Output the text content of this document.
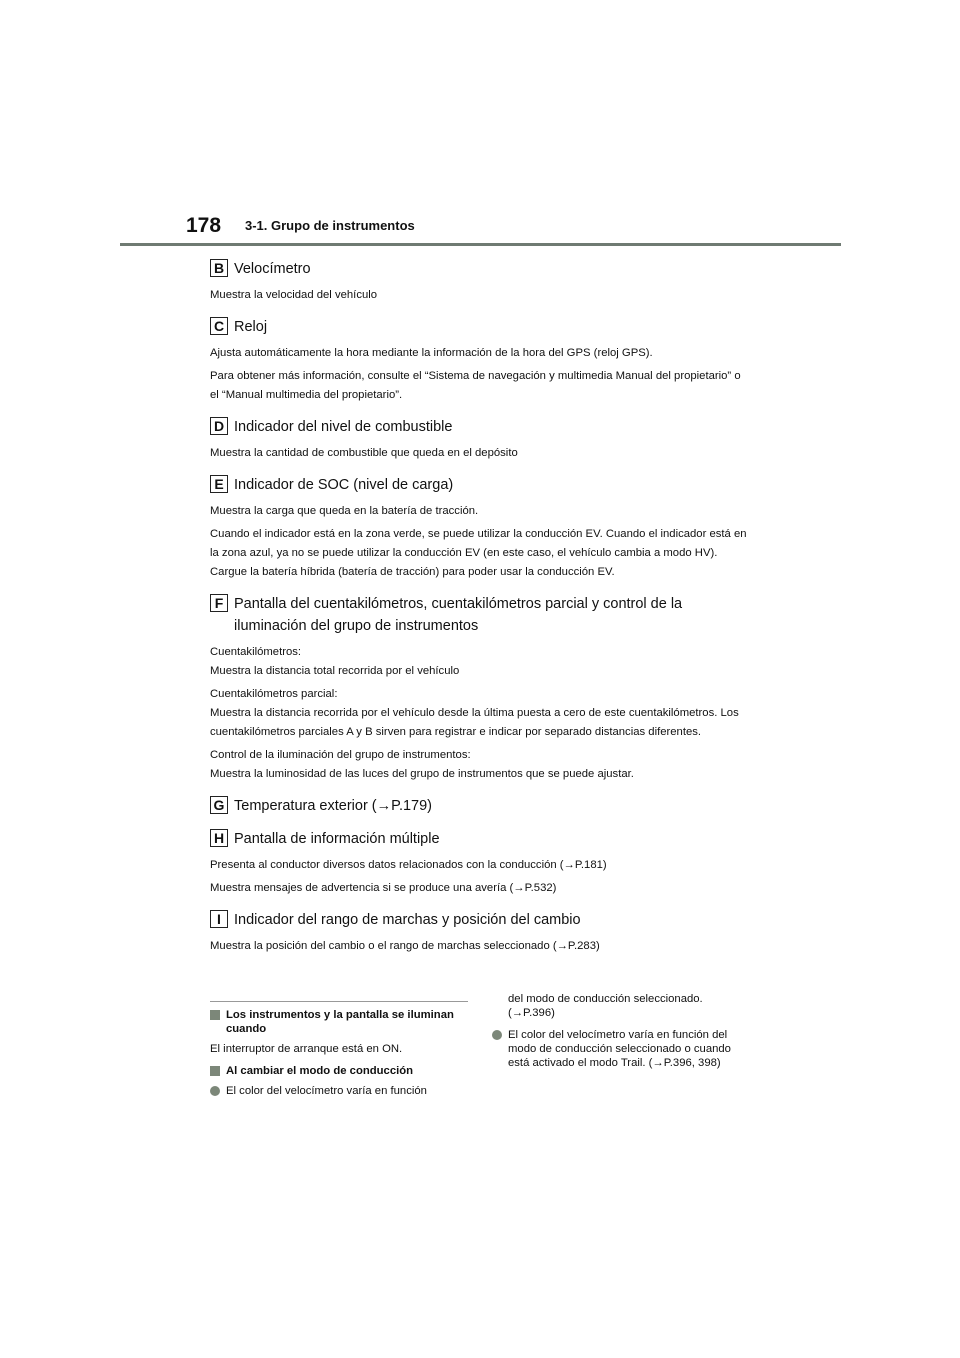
178 3-1. Grupo de instrumentos
B Velocímetro

Muestra la velocidad del vehículo

C Reloj

Ajusta automáticamente la hora mediante la información de la hora del GPS (reloj GPS).

Para obtener más información, consulte el “Sistema de navegación y multimedia Manual del propietario” o el “Manual multimedia del propietario”.

D Indicador del nivel de combustible

Muestra la cantidad de combustible que queda en el depósito

E Indicador de SOC (nivel de carga)

Muestra la carga que queda en la batería de tracción.

Cuando el indicador está en la zona verde, se puede utilizar la conducción EV. Cuando el indicador está en la zona azul, ya no se puede utilizar la conducción EV (en este caso, el vehículo cambia a modo HV). Cargue la batería híbrida (batería de tracción) para poder usar la conducción EV.

F Pantalla del cuentakilómetros, cuentakilómetros parcial y control de la iluminación del grupo de instrumentos

Cuentakilómetros:

Muestra la distancia total recorrida por el vehículo

Cuentakilómetros parcial:

Muestra la distancia recorrida por el vehículo desde la última puesta a cero de este cuentakilómetros. Los cuentakilómetros parciales A y B sirven para registrar e indicar por separado distancias diferentes.

Control de la iluminación del grupo de instrumentos:

Muestra la luminosidad de las luces del grupo de instrumentos que se puede ajustar.

G Temperatura exterior (→P.179)
H Pantalla de información múltiple

Presenta al conductor diversos datos relacionados con la conducción (→P.181)

Muestra mensajes de advertencia si se produce una avería (→P.532)

I Indicador del rango de marchas y posición del cambio

Muestra la posición del cambio o el rango de marchas seleccionado (→P.283)

Los instrumentos y la pantalla se iluminan cuando
El interruptor de arranque está en ON.
Al cambiar el modo de conducción
El color del velocímetro varía en función
del modo de conducción seleccionado. (→P.396)
El color del velocímetro varía en función del modo de conducción seleccionado o cuando está activado el modo Trail. (→P.396, 398)
